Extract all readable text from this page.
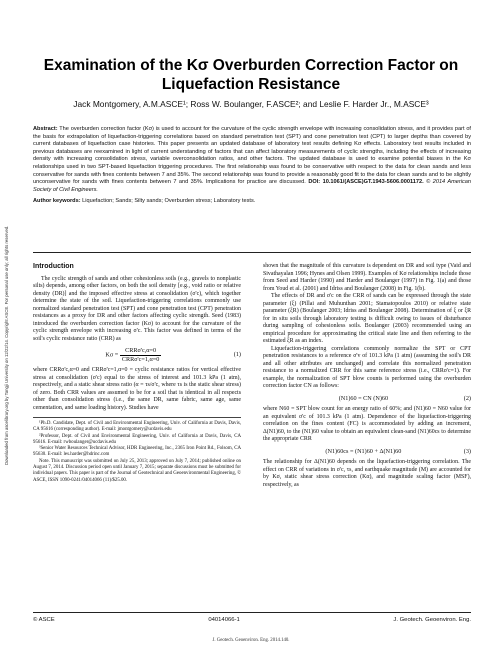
Downloaded from ascelibrary.org by Tongji University on 12/22/14. Copyright ASCE. For personal use only; all rights reserved.
Examination of the Kσ Overburden Correction Factor on Liquefaction Resistance
Jack Montgomery, A.M.ASCE¹; Ross W. Boulanger, F.ASCE²; and Leslie F. Harder Jr., M.ASCE³
Abstract: The overburden correction factor (Kσ) is used to account for the curvature of the cyclic strength envelope with increasing consolidation stress, and it provides part of the basis for extrapolation of liquefaction-triggering correlations based on standard penetration test (SPT) and cone penetration test (CPT) to larger depths than covered by current databases of liquefaction case histories. This paper presents an updated database of laboratory test results defining Kσ effects. Laboratory test results included in previous databases are reexamined in light of current understanding of factors that can affect laboratory measurements of cyclic strengths, including the effects of increasing density with increasing consolidation stress, variable overconsolidation ratios, and other factors. The updated database is used to examine potential biases in the Kσ relationships used in two SPT-based liquefaction triggering procedures. The first relationship was found to be conservative with respect to the data for clean sands and less conservative for sands with fines contents between 7 and 35%. The second relationship was found to provide a reasonably good fit to the data for clean sands and to be slightly unconservative for sands with fines contents between 7 and 35%. Implications for practice are discussed. DOI: 10.1061/(ASCE)GT.1943-5606.0001172. © 2014 American Society of Civil Engineers.
Author keywords: Liquefaction; Sands; Silty sands; Overburden stress; Laboratory tests.
Introduction

The cyclic strength of sands and other cohesionless soils (e.g., gravels to nonplastic silts) depends, among other factors, on both the soil density [e.g., void ratio or relative density (DR)] and the imposed effective stress at consolidation (σ'c), which together determine the state of the soil. Liquefaction-triggering correlations commonly use normalized standard penetration test (SPT) and cone penetration test (CPT) penetration resistances as a proxy for DR and other factors affecting cyclic strength. Seed (1983) introduced the overburden correction factor (Kσ) to account for the curvature of the cyclic strength envelope with increasing σ'c. This factor was defined in terms of the soil's cyclic resistance ratio (CRR) as

$K\sigma = \frac{\text{CRRσ'c,α=0}}{\text{CRRσ'c=1,α=0}}$	(1)

where CRRσ'c,α=0 and CRRσ'c=1,α=0 = cyclic resistance ratios for vertical effective stress at consolidation (σ'c) equal to the stress of interest and 101.3 kPa (1 atm), respectively, and a static shear stress ratio (α = τs/σ'c, where τs is the static shear stress) of zero. Both CRR values are assumed to be for a soil that is identical in all respects other than consolidation stress (i.e., the same DR, same fabric, same age, same cementation, and same loading history). Studies have

¹Ph.D. Candidate, Dept. of Civil and Environmental Engineering, Univ. of California at Davis, Davis, CA 95616 (corresponding author). E-mail: jmontgomery@ucdavis.edu

²Professor, Dept. of Civil and Environmental Engineering, Univ. of California at Davis, Davis, CA 95616. E-mail: rwboulanger@ucdavis.edu

³Senior Water Resources Technical Advisor, HDR Engineering, Inc., 2365 Iron Point Rd., Folsom, CA 95630. E-mail: les.harder@hdrinc.com

Note. This manuscript was submitted on July 25, 2013; approved on July 7, 2014; published online on August 7, 2014. Discussion period open until January 7, 2015; separate discussions must be submitted for individual papers. This paper is part of the Journal of Geotechnical and Geoenvironmental Engineering, © ASCE, ISSN 1090-0241/04014066 (11)/$25.00.

shown that the magnitude of this curvature is dependent on DR and soil type (Vaid and Sivathayalan 1996; Hynes and Olsen 1999). Examples of Kσ relationships include those from Seed and Harder (1990) and Harder and Boulanger (1997) in Fig. 1(a) and those from Youd et al. (2001) and Idriss and Boulanger (2008) in Fig. 1(b).

The effects of DR and σ'c on the CRR of sands can be expressed through the state parameter (ξ) (Pillai and Muhunthan 2001; Stamatopoulos 2010) or relative state parameter (ξR) (Boulanger 2003; Idriss and Boulanger 2008). Determination of ξ or ξR for in situ soils through laboratory testing is difficult owing to issues of disturbance during sampling of cohesionless soils. Boulanger (2003) recommended using an empirical procedure for approximating the critical state line and then referring to the estimated ξR as an index.

Liquefaction-triggering correlations commonly normalize the SPT or CPT penetration resistances to a reference σ'v of 101.3 kPa (1 atm) (assuming the soil's DR and all other attributes are unchanged) and correlate this normalized penetration resistance to a normalized CRR for this same reference stress (i.e., CRRσ'c=1). For example, the normalization of SPT blow counts is performed using the overburden correction factor CN as follows:

(N1)60 = CN (N)60	(2)

where N60 = SPT blow count for an energy ratio of 60%; and (N1)60 = N60 value for an equivalent σ'c of 101.3 kPa (1 atm). Dependence of the liquefaction-triggering correlation on the fines content (FC) is accommodated by adding an increment, Δ(N1)60, to the (N1)60 value to obtain an equivalent clean-sand (N1)60cs to determine the appropriate CRR

(N1)60cs = (N1)60 + Δ(N1)60	(3)

The relationship for Δ(N1)60 depends on the liquefaction-triggering correlation. The effect on CRR of variations in σ'c, τs, and earthquake magnitude (M) are accounted for by Kσ, static shear stress correction (Kα), and magnitude scaling factor (MSF), respectively, as

© ASCE	04014066-1	J. Geotech. Geoenviron. Eng.
J. Geotech. Geoenviron. Eng. 2014.140.
